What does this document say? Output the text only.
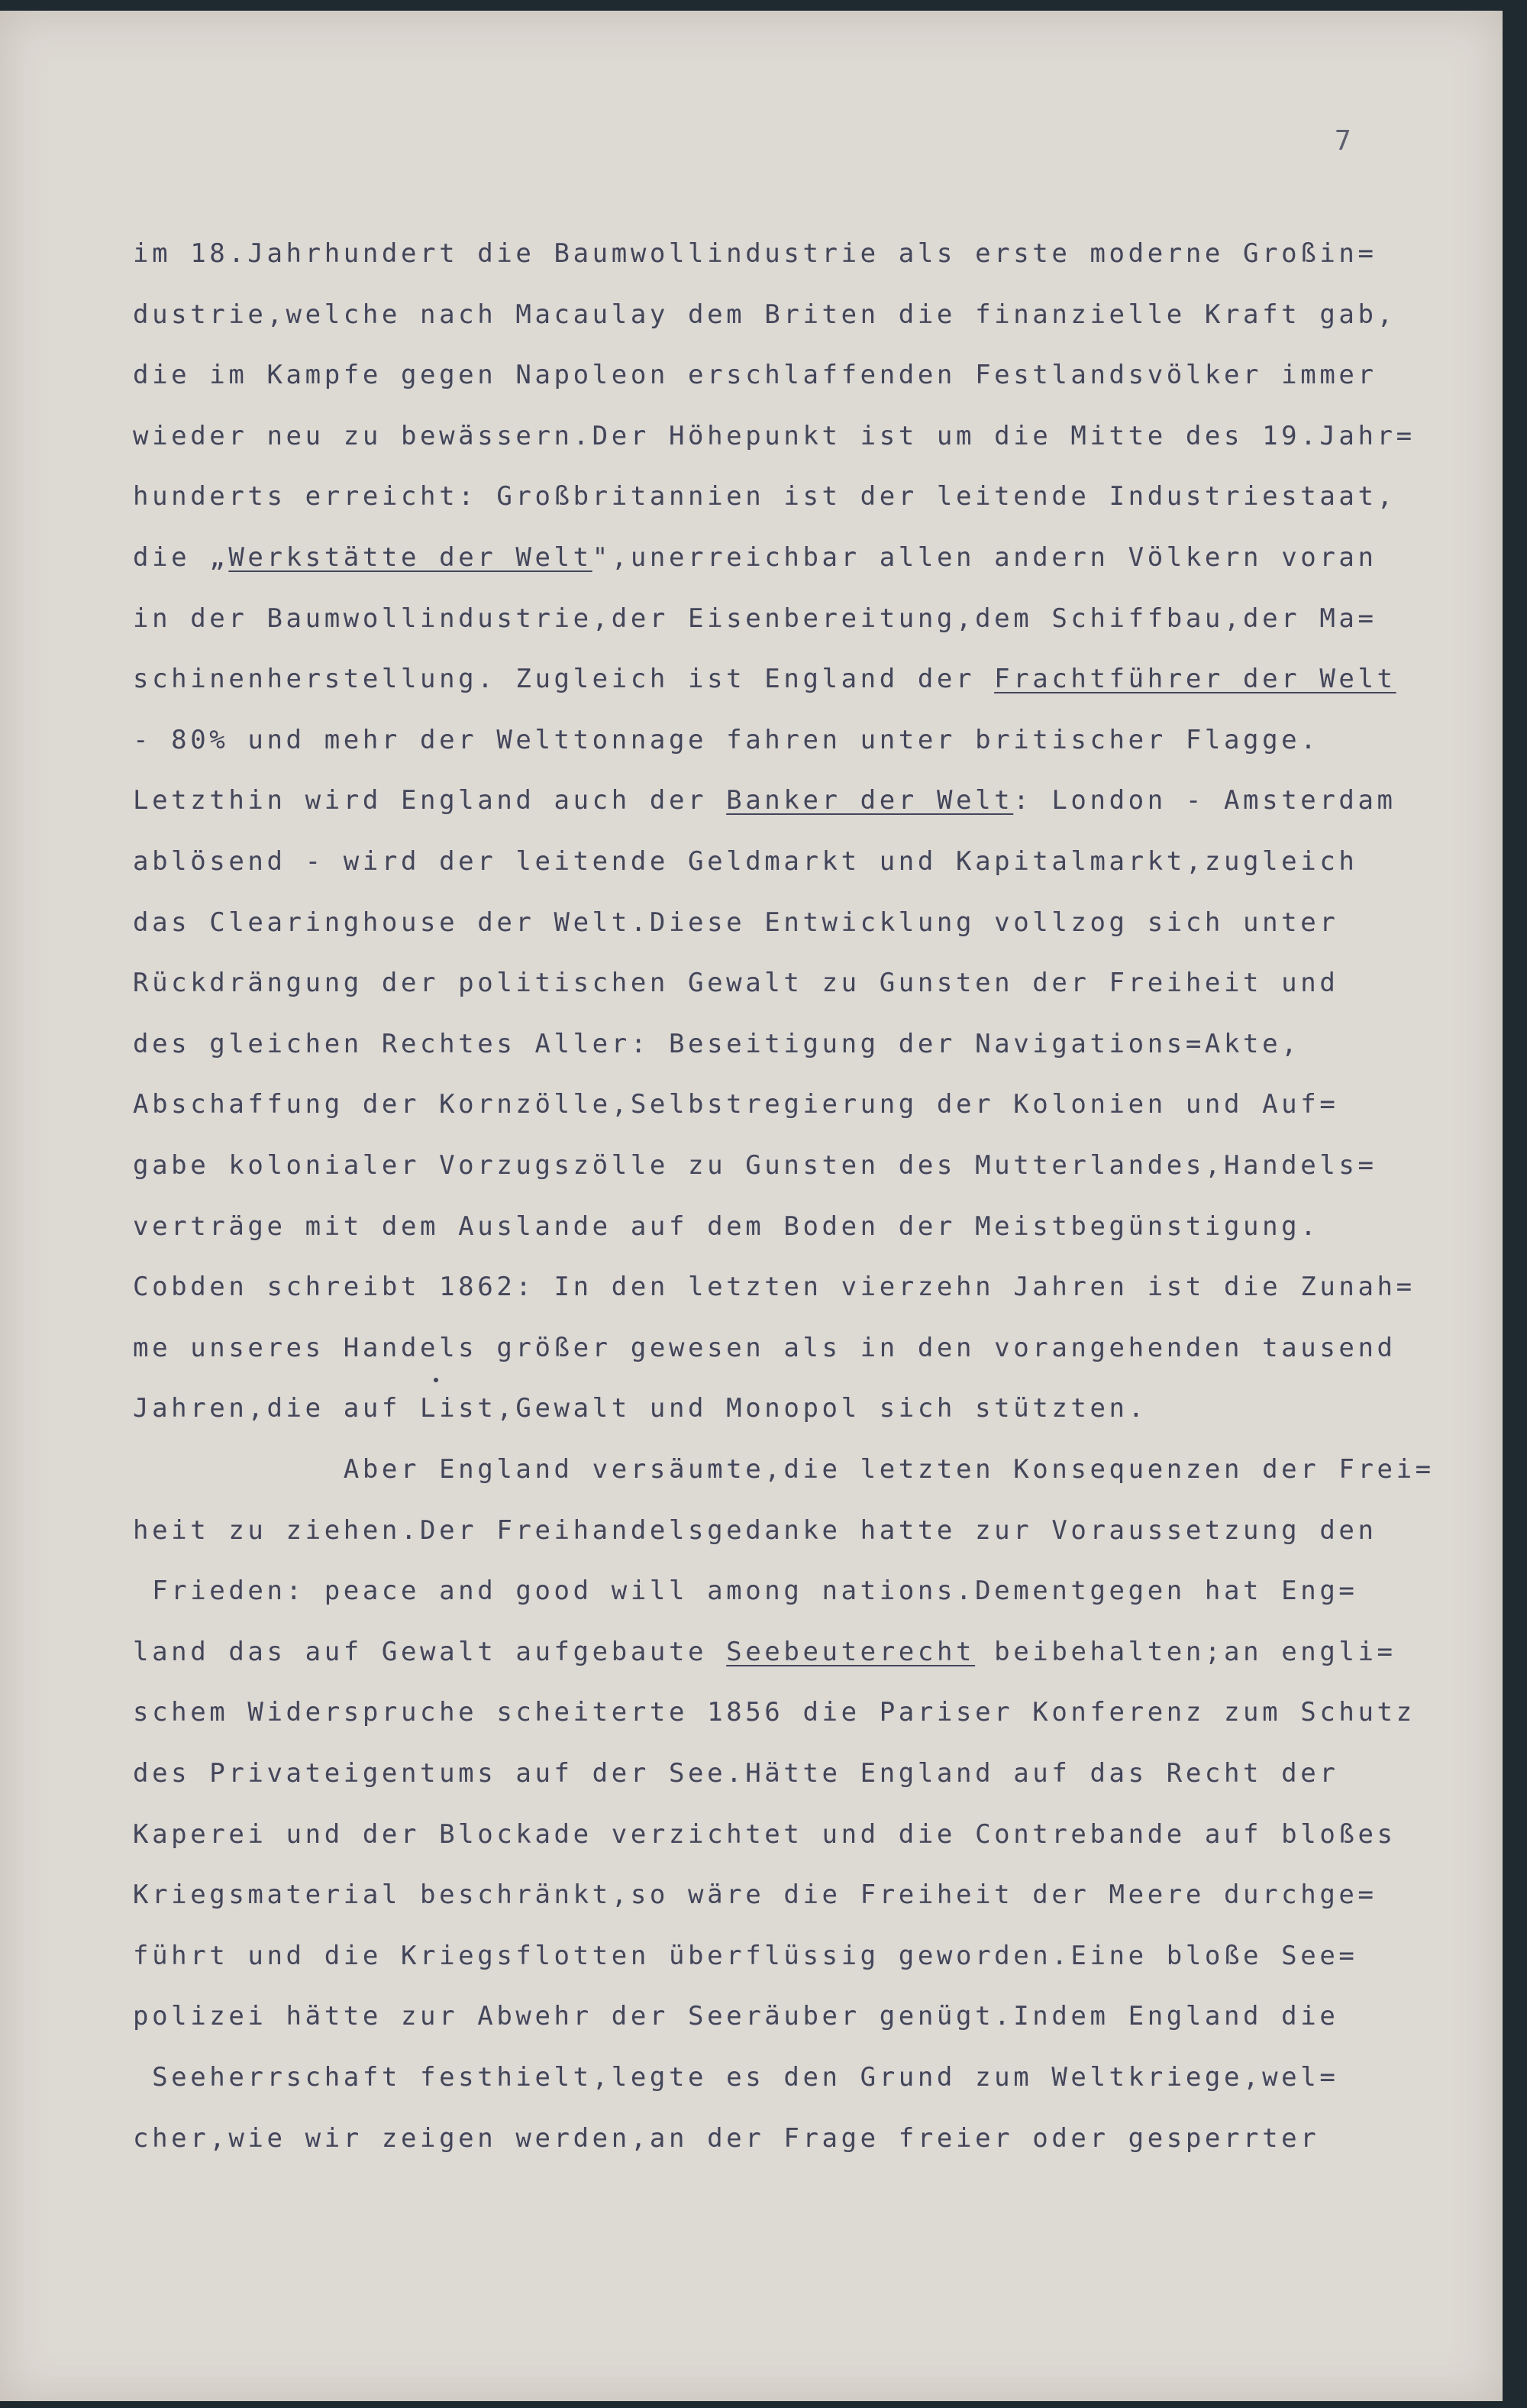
7
im 18.Jahrhundert die Baumwollindustrie als erste moderne Großin=
dustrie,welche nach Macaulay dem Briten die finanzielle Kraft gab,
die im Kampfe gegen Napoleon erschlaffenden Festlandsvölker immer
wieder neu zu bewässern.Der Höhepunkt ist um die Mitte des 19.Jahr=
hunderts erreicht: Großbritannien ist der leitende Industriestaat,
die „Werkstätte der Welt",unerreichbar allen andern Völkern voran
in der Baumwollindustrie,der Eisenbereitung,dem Schiffbau,der Ma=
schinenherstellung. Zugleich ist England der Frachtführer der Welt
- 80% und mehr der Welttonnage fahren unter britischer Flagge.
Letzthin wird England auch der Banker der Welt: London - Amsterdam
ablösend - wird der leitende Geldmarkt und Kapitalmarkt,zugleich
das Clearinghouse der Welt.Diese Entwicklung vollzog sich unter
Rückdrängung der politischen Gewalt zu Gunsten der Freiheit und
des gleichen Rechtes Aller: Beseitigung der Navigations=Akte,
Abschaffung der Kornzölle,Selbstregierung der Kolonien und Auf=
gabe kolonialer Vorzugszölle zu Gunsten des Mutterlandes,Handels=
verträge mit dem Auslande auf dem Boden der Meistbegünstigung.
Cobden schreibt 1862: In den letzten vierzehn Jahren ist die Zunah=
me unseres Handels größer gewesen als in den vorangehenden tausend
Jahren,die auf List,Gewalt und Monopol sich stützten.
Aber England versäumte,die letzten Konsequenzen der Frei=
heit zu ziehen.Der Freihandelsgedanke hatte zur Voraussetzung den
Frieden: peace and good will among nations.Dementgegen hat Eng=
land das auf Gewalt aufgebaute Seebeuterecht beibehalten;an engli=
schem Widerspruche scheiterte 1856 die Pariser Konferenz zum Schutz
des Privateigentums auf der See.Hätte England auf das Recht der
Kaperei und der Blockade verzichtet und die Contrebande auf bloßes
Kriegsmaterial beschränkt,so wäre die Freiheit der Meere durchge=
führt und die Kriegsflotten überflüssig geworden.Eine bloße See=
polizei hätte zur Abwehr der Seeräuber genügt.Indem England die
Seeherrschaft festhielt,legte es den Grund zum Weltkriege,wel=
cher,wie wir zeigen werden,an der Frage freier oder gesperrter
